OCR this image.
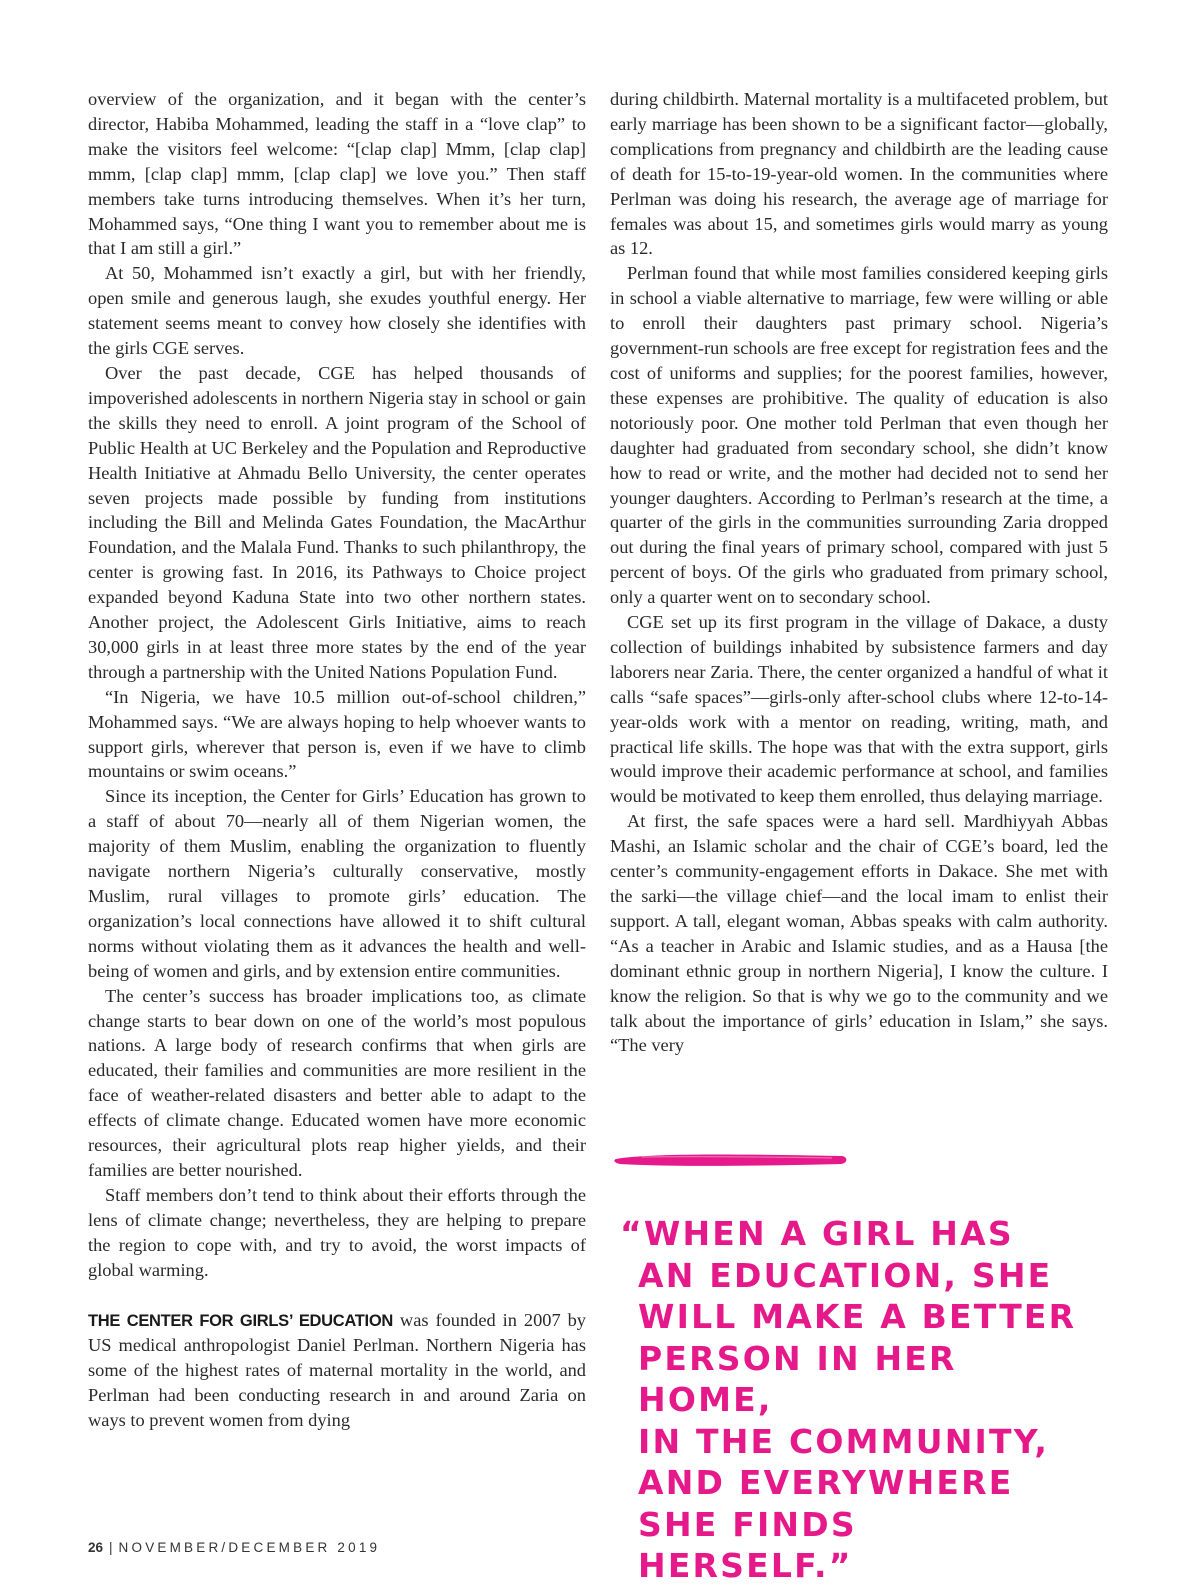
overview of the organization, and it began with the center’s director, Habiba Mohammed, leading the staff in a “love clap” to make the visitors feel welcome: “[clap clap] Mmm, [clap clap] mmm, [clap clap] mmm, [clap clap] we love you.” Then staff members take turns introducing themselves. When it’s her turn, Mohammed says, “One thing I want you to remember about me is that I am still a girl.”

At 50, Mohammed isn’t exactly a girl, but with her friendly, open smile and generous laugh, she exudes youthful energy. Her statement seems meant to convey how closely she identifies with the girls CGE serves.

Over the past decade, CGE has helped thousands of impoverished adolescents in northern Nigeria stay in school or gain the skills they need to enroll. A joint program of the School of Public Health at UC Berkeley and the Population and Reproductive Health Initiative at Ahmadu Bello University, the center operates seven projects made possible by funding from institutions including the Bill and Melinda Gates Foundation, the MacArthur Foundation, and the Malala Fund. Thanks to such philanthropy, the center is growing fast. In 2016, its Pathways to Choice project expanded beyond Kaduna State into two other northern states. Another project, the Adolescent Girls Initiative, aims to reach 30,000 girls in at least three more states by the end of the year through a partnership with the United Nations Population Fund.

“In Nigeria, we have 10.5 million out-of-school children,” Mohammed says. “We are always hoping to help whoever wants to support girls, wherever that person is, even if we have to climb mountains or swim oceans.”

Since its inception, the Center for Girls’ Education has grown to a staff of about 70—nearly all of them Nigerian women, the majority of them Muslim, enabling the organization to fluently navigate northern Nigeria’s culturally conservative, mostly Muslim, rural villages to promote girls’ education. The organization’s local connections have allowed it to shift cultural norms without violating them as it advances the health and well-being of women and girls, and by extension entire communities.

The center’s success has broader implications too, as climate change starts to bear down on one of the world’s most populous nations. A large body of research confirms that when girls are educated, their families and communities are more resilient in the face of weather-related disasters and better able to adapt to the effects of climate change. Educated women have more economic resources, their agricultural plots reap higher yields, and their families are better nourished.

Staff members don’t tend to think about their efforts through the lens of climate change; nevertheless, they are helping to prepare the region to cope with, and try to avoid, the worst impacts of global warming.

THE CENTER FOR GIRLS’ EDUCATION was founded in 2007 by US medical anthropologist Daniel Perlman. Northern Nigeria has some of the highest rates of maternal mortality in the world, and Perlman had been conducting research in and around Zaria on ways to prevent women from dying

during childbirth. Maternal mortality is a multifaceted problem, but early marriage has been shown to be a significant factor—globally, complications from pregnancy and childbirth are the leading cause of death for 15-to-19-year-old women. In the communities where Perlman was doing his research, the average age of marriage for females was about 15, and sometimes girls would marry as young as 12.

Perlman found that while most families considered keeping girls in school a viable alternative to marriage, few were willing or able to enroll their daughters past primary school. Nigeria’s government-run schools are free except for registration fees and the cost of uniforms and supplies; for the poorest families, however, these expenses are prohibitive. The quality of education is also notoriously poor. One mother told Perlman that even though her daughter had graduated from secondary school, she didn’t know how to read or write, and the mother had decided not to send her younger daughters. According to Perlman’s research at the time, a quarter of the girls in the communities surrounding Zaria dropped out during the final years of primary school, compared with just 5 percent of boys. Of the girls who graduated from primary school, only a quarter went on to secondary school.

CGE set up its first program in the village of Dakace, a dusty collection of buildings inhabited by subsistence farmers and day laborers near Zaria. There, the center organized a handful of what it calls “safe spaces”—girls-only after-school clubs where 12-to-14-year-olds work with a mentor on reading, writing, math, and practical life skills. The hope was that with the extra support, girls would improve their academic performance at school, and families would be motivated to keep them enrolled, thus delaying marriage.

At first, the safe spaces were a hard sell. Mardhiyyah Abbas Mashi, an Islamic scholar and the chair of CGE’s board, led the center’s community-engagement efforts in Dakace. She met with the sarki—the village chief—and the local imam to enlist their support. A tall, elegant woman, Abbas speaks with calm authority. “As a teacher in Arabic and Islamic studies, and as a Hausa [the dominant ethnic group in northern Nigeria], I know the culture. I know the religion. So that is why we go to the community and we talk about the importance of girls’ education in Islam,” she says. “The very

“WHEN A GIRL HAS
AN EDUCATION, SHE
WILL MAKE A BETTER
PERSON IN HER HOME,
IN THE COMMUNITY,
AND EVERYWHERE
SHE FINDS HERSELF.”
26 | NOVEMBER/DECEMBER 2019
